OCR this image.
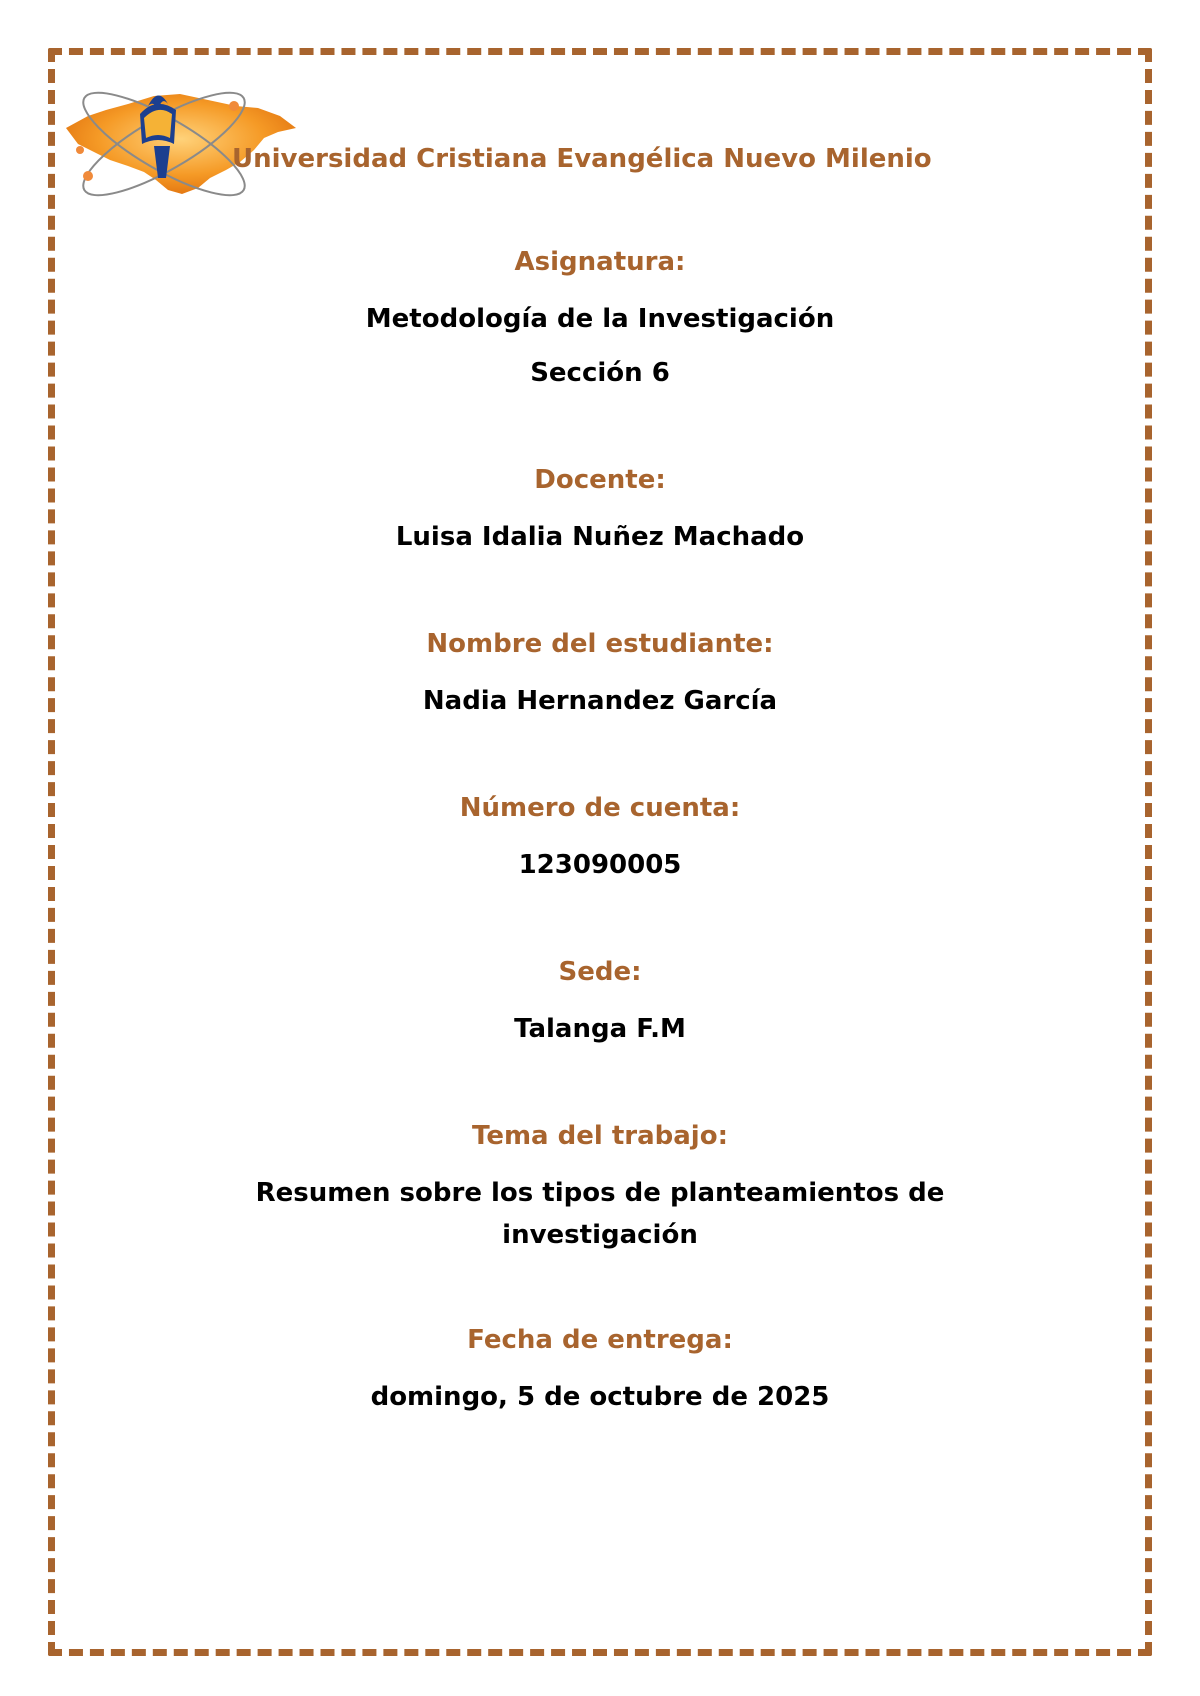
Universidad Cristiana Evangélica Nuevo Milenio
Asignatura:
Metodología de la Investigación
Sección 6
Docente:
Luisa Idalia Nuñez Machado
Nombre del estudiante:
Nadia Hernandez García
Número de cuenta:
123090005
Sede:
Talanga F.M
Tema del trabajo:
Resumen sobre los tipos de planteamientos de
investigación
Fecha de entrega:
domingo, 5 de octubre de 2025
